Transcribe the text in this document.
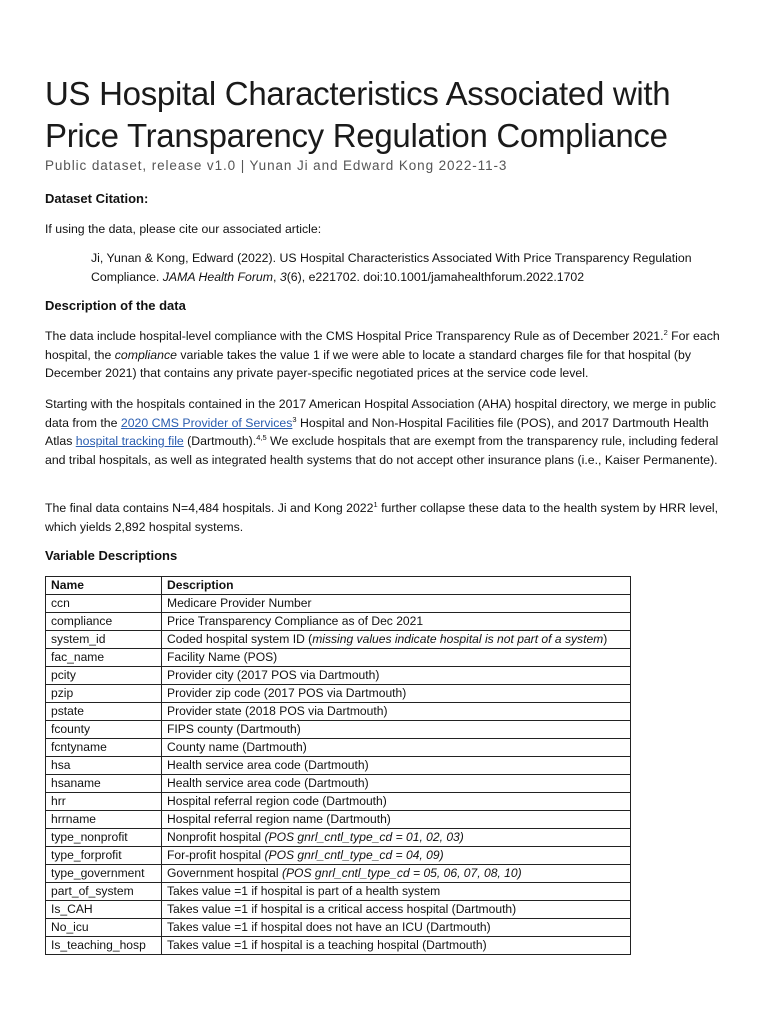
US Hospital Characteristics Associated with Price Transparency Regulation Compliance
Public dataset, release v1.0 | Yunan Ji and Edward Kong 2022-11-3
Dataset Citation:
If using the data, please cite our associated article:
Ji, Yunan & Kong, Edward (2022). US Hospital Characteristics Associated With Price Transparency Regulation Compliance. JAMA Health Forum, 3(6), e221702. doi:10.1001/jamahealthforum.2022.1702
Description of the data
The data include hospital-level compliance with the CMS Hospital Price Transparency Rule as of December 2021.$^2$ For each hospital, the compliance variable takes the value 1 if we were able to locate a standard charges file for that hospital (by December 2021) that contains any private payer-specific negotiated prices at the service code level.
Starting with the hospitals contained in the 2017 American Hospital Association (AHA) hospital directory, we merge in public data from the 2020 CMS Provider of Services$^3$ Hospital and Non-Hospital Facilities file (POS), and 2017 Dartmouth Health Atlas hospital tracking file (Dartmouth).$^{4,5}$ We exclude hospitals that are exempt from the transparency rule, including federal and tribal hospitals, as well as integrated health systems that do not accept other insurance plans (i.e., Kaiser Permanente).
The final data contains N=4,484 hospitals. Ji and Kong 2022$^1$ further collapse these data to the health system by HRR level, which yields 2,892 hospital systems.
Variable Descriptions
Name	Description
ccn	Medicare Provider Number
compliance	Price Transparency Compliance as of Dec 2021
system_id	Coded hospital system ID (missing values indicate hospital is not part of a system)
fac_name	Facility Name (POS)
pcity	Provider city (2017 POS via Dartmouth)
pzip	Provider zip code (2017 POS via Dartmouth)
pstate	Provider state (2018 POS via Dartmouth)
fcounty	FIPS county (Dartmouth)
fcntyname	County name (Dartmouth)
hsa	Health service area code (Dartmouth)
hsaname	Health service area code (Dartmouth)
hrr	Hospital referral region code (Dartmouth)
hrrname	Hospital referral region name (Dartmouth)
type_nonprofit	Nonprofit hospital (POS gnrl_cntl_type_cd = 01, 02, 03)
type_forprofit	For-profit hospital (POS gnrl_cntl_type_cd = 04, 09)
type_government	Government hospital (POS gnrl_cntl_type_cd = 05, 06, 07, 08, 10)
part_of_system	Takes value =1 if hospital is part of a health system
Is_CAH	Takes value =1 if hospital is a critical access hospital (Dartmouth)
No_icu	Takes value =1 if hospital does not have an ICU (Dartmouth)
Is_teaching_hosp	Takes value =1 if hospital is a teaching hospital (Dartmouth)
